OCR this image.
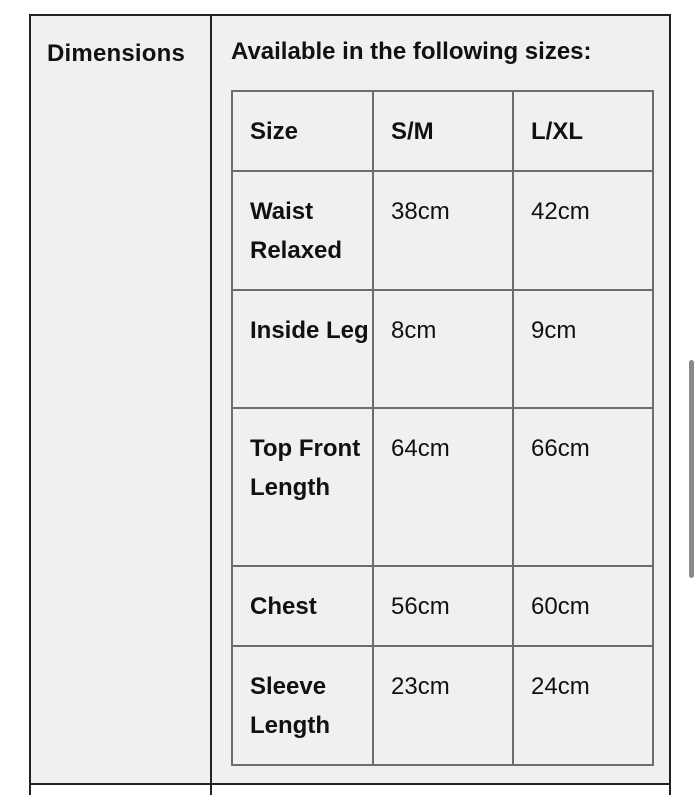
Dimensions Available in the following sizes:
Size	S/M	L/XL
Waist Relaxed	38cm	42cm
Inside Leg	8cm	9cm
Top Front Length	64cm	66cm
Chest	56cm	60cm
Sleeve Length	23cm	24cm
